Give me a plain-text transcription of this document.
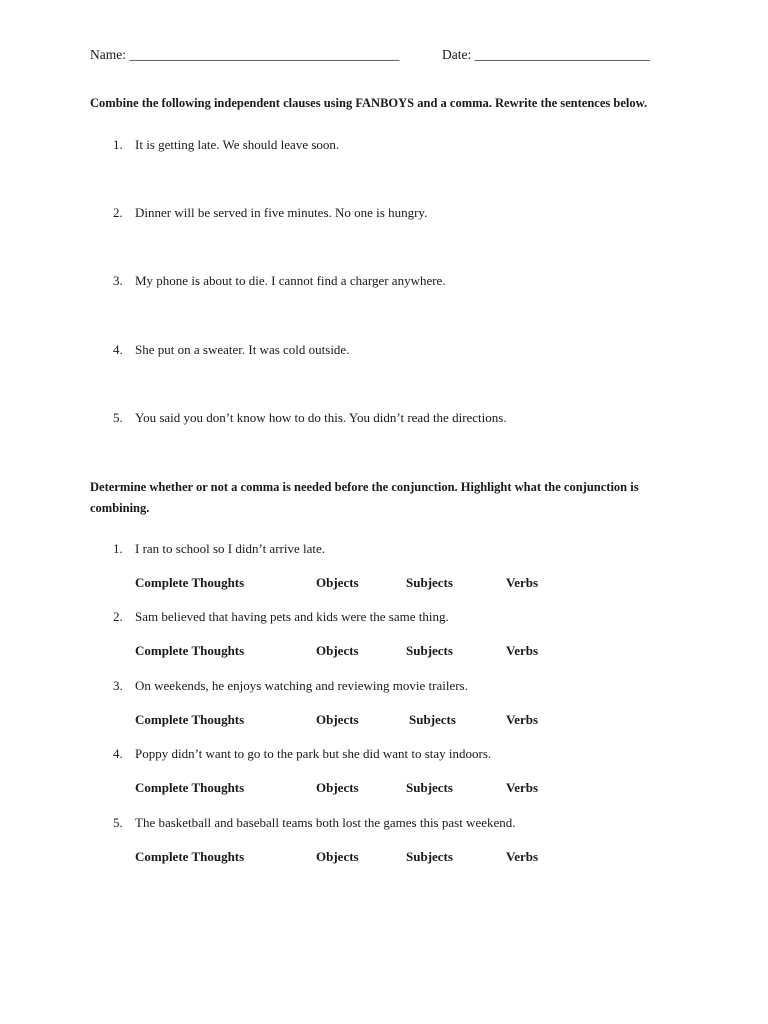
Name: ________________________________________	Date: __________________________
Combine the following independent clauses using FANBOYS and a comma. Rewrite the sentences below.
1. It is getting late. We should leave soon.
2. Dinner will be served in five minutes. No one is hungry.
3. My phone is about to die. I cannot find a charger anywhere.
4. She put on a sweater. It was cold outside.
5. You said you don’t know how to do this. You didn’t read the directions.
Determine whether or not a comma is needed before the conjunction. Highlight what the conjunction is combining.
1. I ran to school so I didn’t arrive late.
Complete Thoughts	Objects	Subjects	Verbs
2. Sam believed that having pets and kids were the same thing.
Complete Thoughts	Objects	Subjects	Verbs
3. On weekends, he enjoys watching and reviewing movie trailers.
Complete Thoughts	Objects	Subjects	Verbs
4. Poppy didn’t want to go to the park but she did want to stay indoors.
Complete Thoughts	Objects	Subjects	Verbs
5. The basketball and baseball teams both lost the games this past weekend.
Complete Thoughts	Objects	Subjects	Verbs
